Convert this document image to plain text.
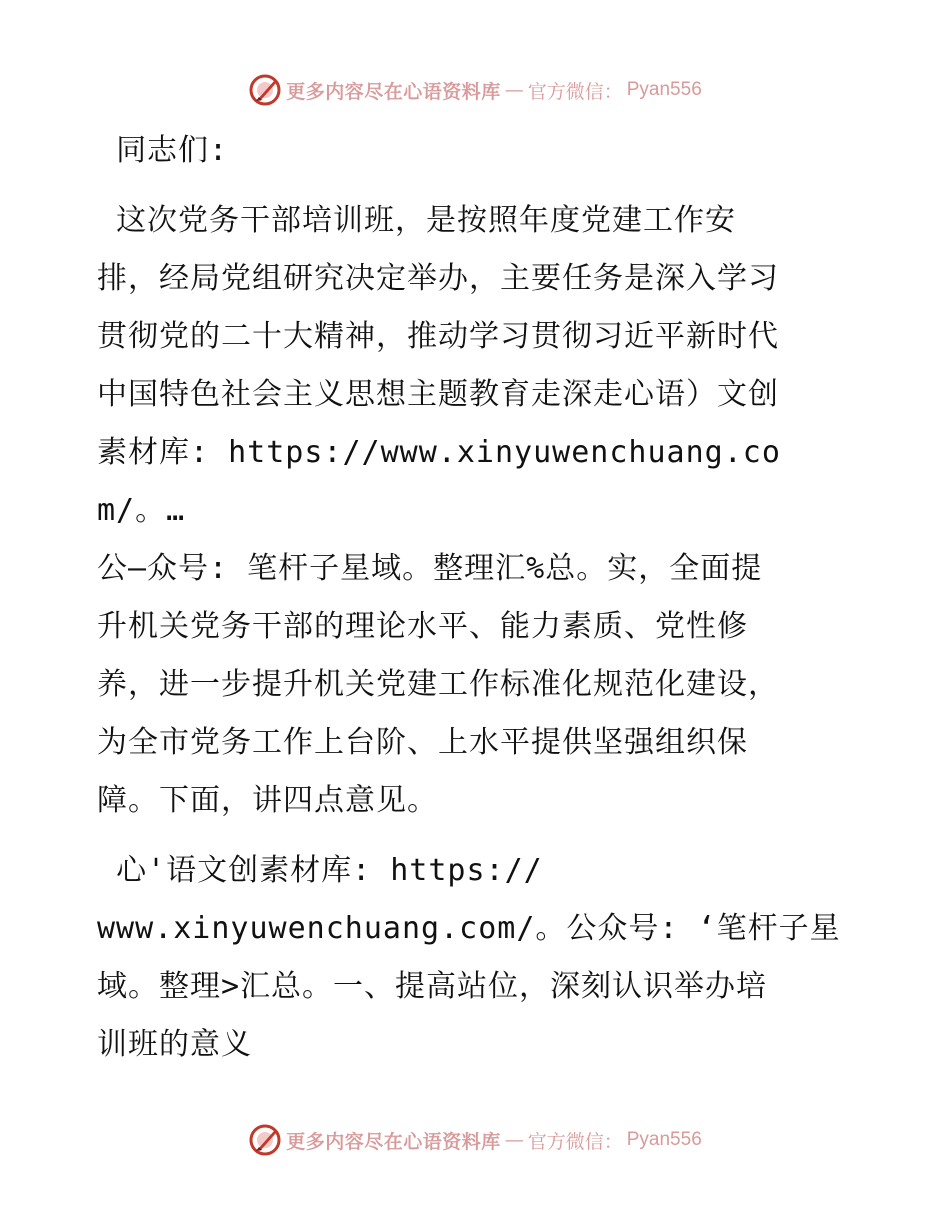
更多内容尽在心语资料库 — 官方微信： Pyan556

同志们:

这次党务干部培训班，是按照年度党建工作安
排，经局党组研究决定举办，主要任务是深入学习
贯彻党的二十大精神，推动学习贯彻习近平新时代
中国特色社会主义思想主题教育走深走心语）文创
素材库: https://www.xinyuwenchuang.com/。…
公—众号: 笔杆子星域。整理汇%总。实，全面提
升机关党务干部的理论水平、能力素质、党性修
养，进一步提升机关党建工作标准化规范化建设，
为全市党务工作上台阶、上水平提供坚强组织保
障。下面，讲四点意见。

心'语文创素材库: https://
www.xinyuwenchuang.com/。公众号: ‘笔杆子星
域。整理>汇总。一、提高站位，深刻认识举办培
训班的意义

更多内容尽在心语资料库 — 官方微信： Pyan556
